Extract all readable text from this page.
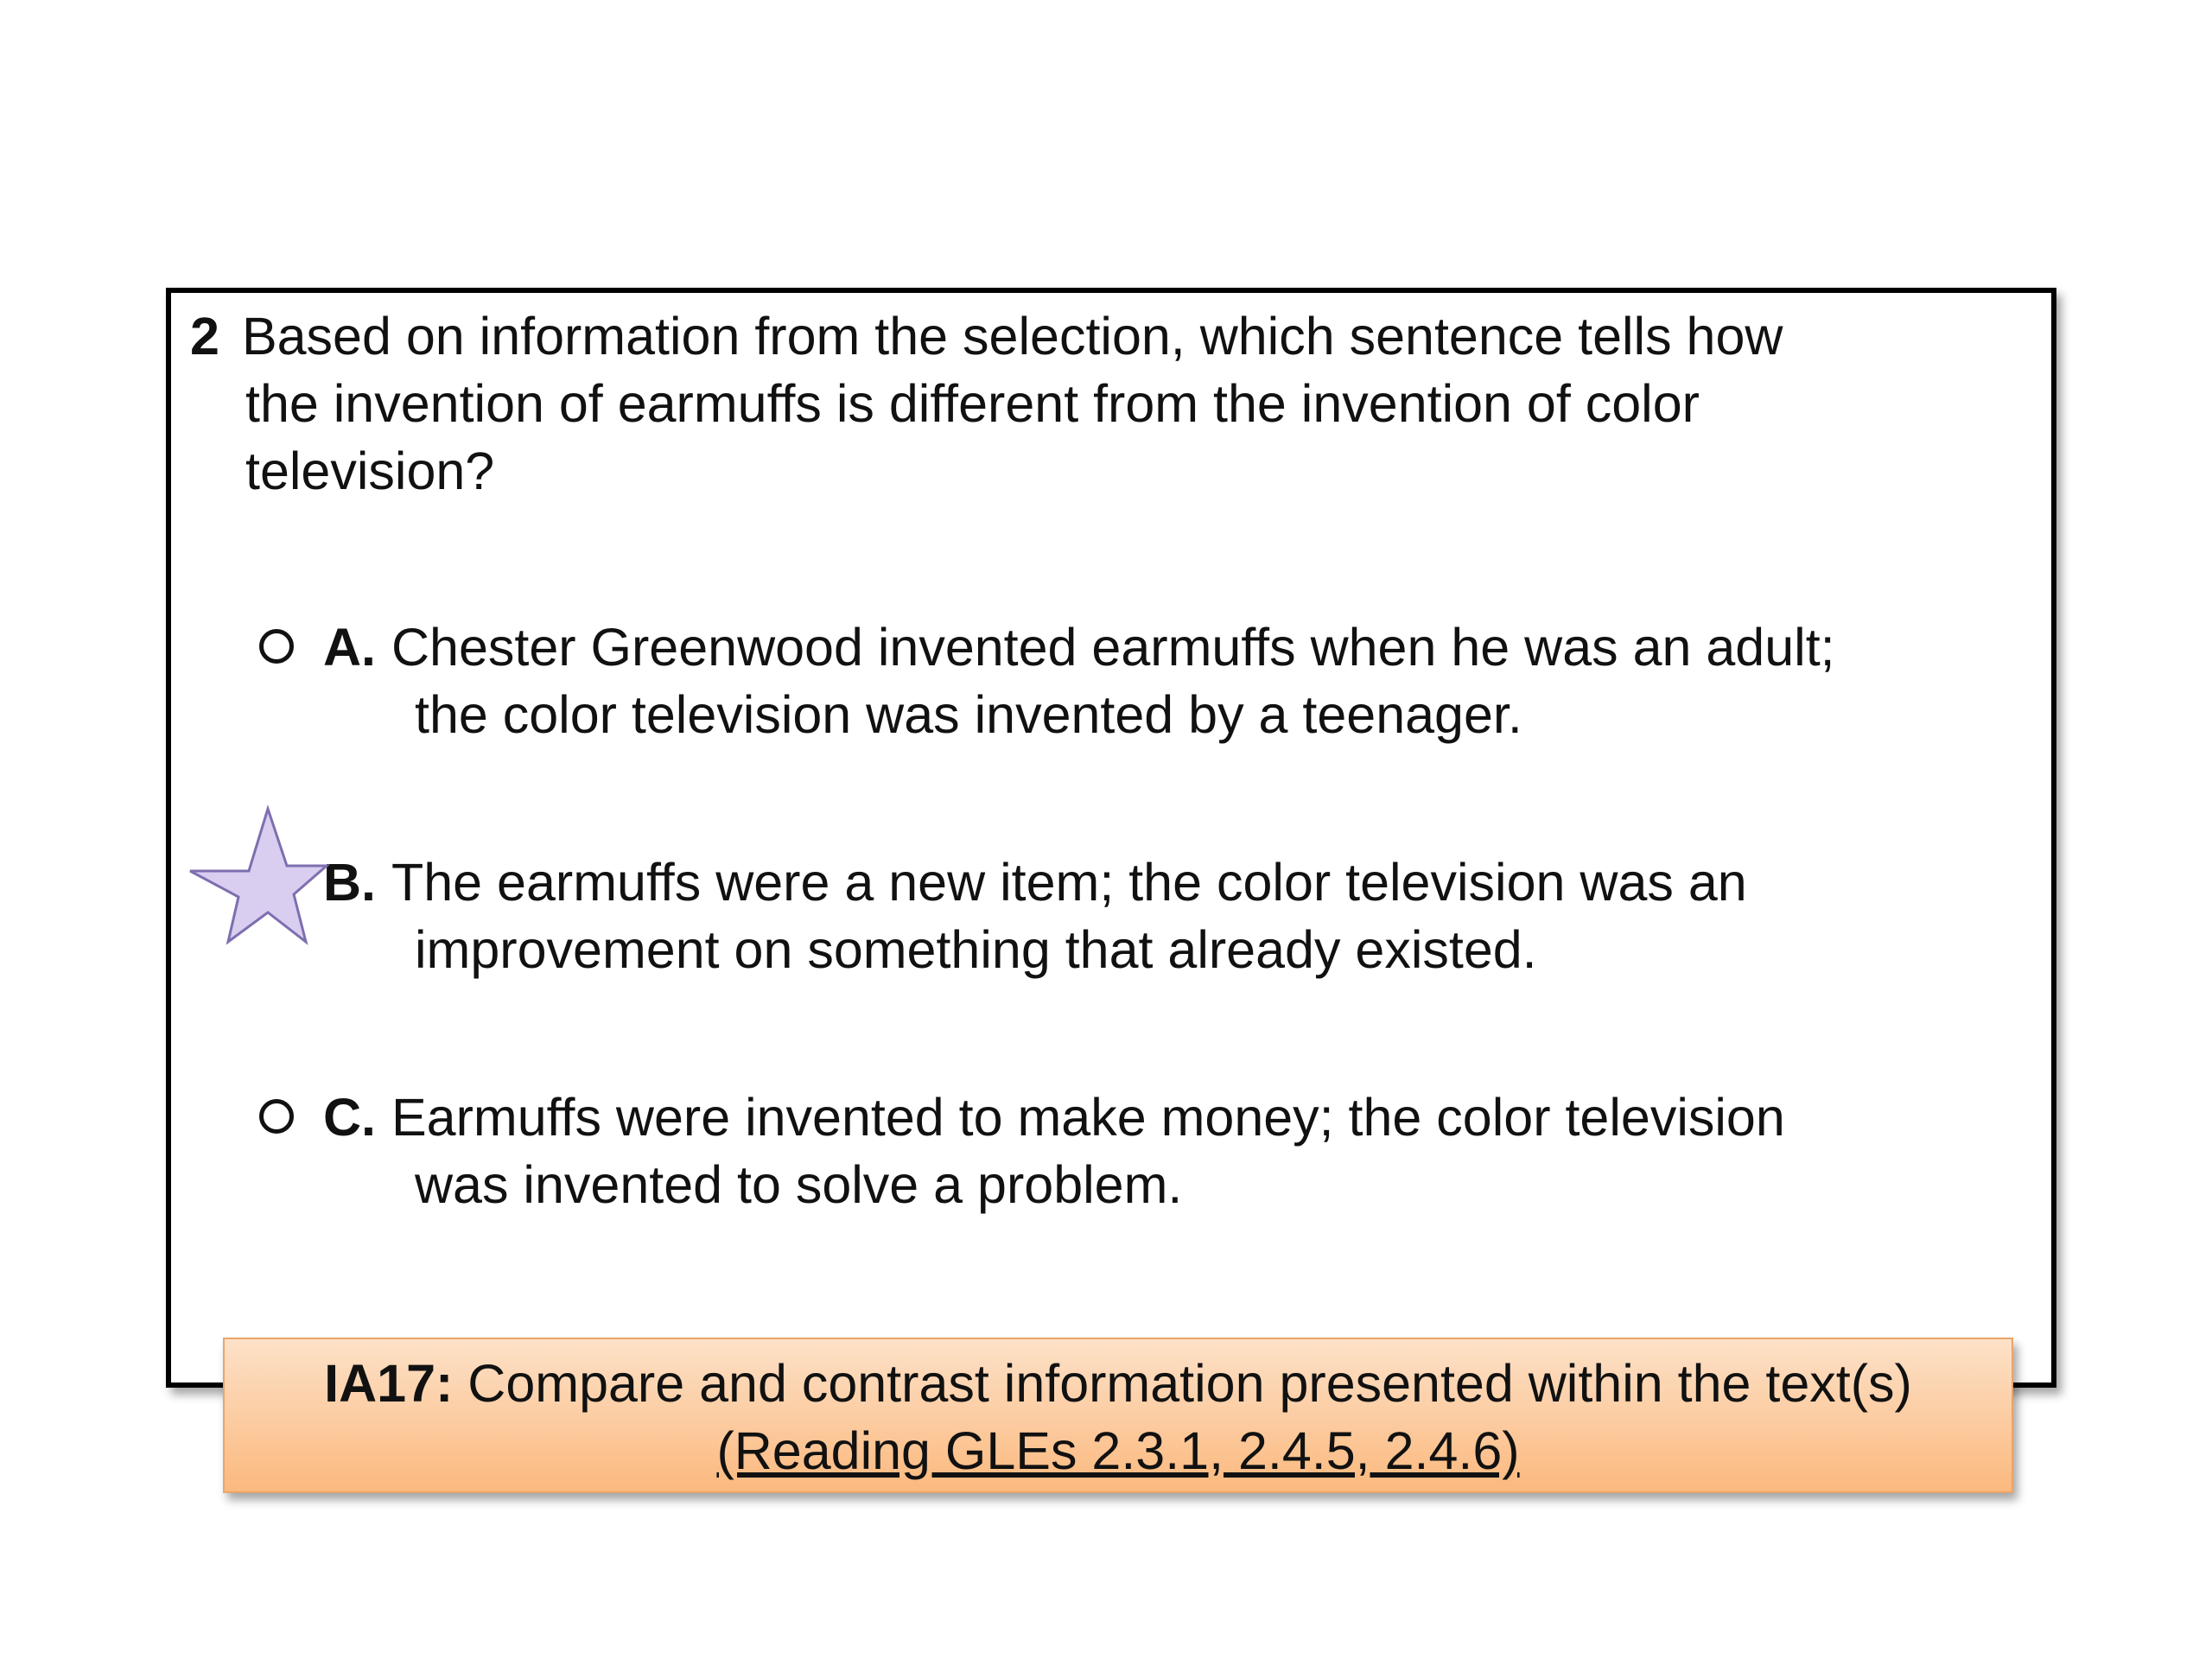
2 Based on information from the selection, which sentence tells how
the invention of earmuffs is different from the invention of color
television?
A. Chester Greenwood invented earmuffs when he was an adult;
the color television was invented by a teenager.
B. The earmuffs were a new item; the color television was an
improvement on something that already existed.
C. Earmuffs were invented to make money; the color television
was invented to solve a problem.
IA17: Compare and contrast information presented within the text(s)
(Reading GLEs 2.3.1, 2.4.5, 2.4.6)
